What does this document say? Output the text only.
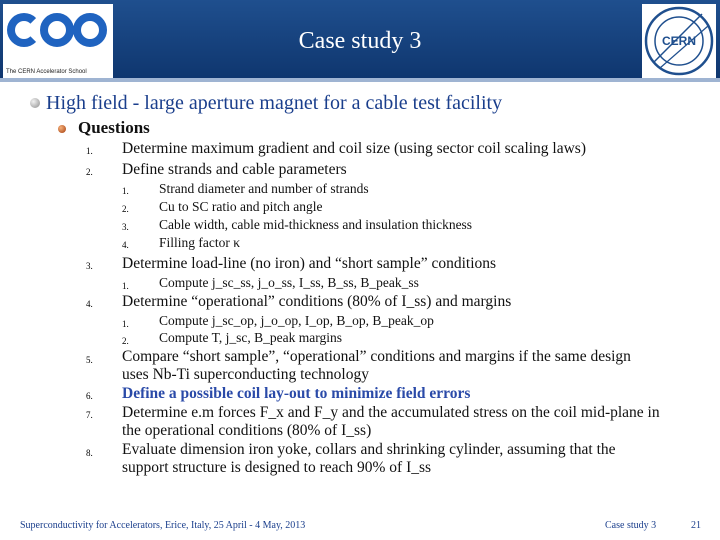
The CERN Accelerator School
Case study 3	CERN
High field - large aperture magnet for a cable test facility
Questions
1. Determine maximum gradient and coil size (using sector coil scaling laws)
2. Define strands and cable parameters
1. Strand diameter and number of strands
2. Cu to SC ratio and pitch angle
3. Cable width, cable mid-thickness and insulation thickness
4. Filling factor κ
3. Determine load-line (no iron) and “short sample” conditions
1. Compute j_sc_ss, j_o_ss, I_ss, B_ss, B_peak_ss
4. Determine “operational” conditions (80% of I_ss) and margins
1. Compute j_sc_op, j_o_op, I_op, B_op, B_peak_op
2. Compute T, j_sc, B_peak margins
5. Compare “short sample”, “operational” conditions and margins if the same design
uses Nb-Ti superconducting technology
6. Define a possible coil lay-out to minimize field errors
7. Determine e.m forces F_x and F_y and the accumulated stress on the coil mid-plane in
the operational conditions (80% of I_ss)
8. Evaluate dimension iron yoke, collars and shrinking cylinder, assuming that the
support structure is designed to reach 90% of I_ss
Superconductivity for Accelerators, Erice, Italy, 25 April - 4 May, 2013	Case study 3	21
